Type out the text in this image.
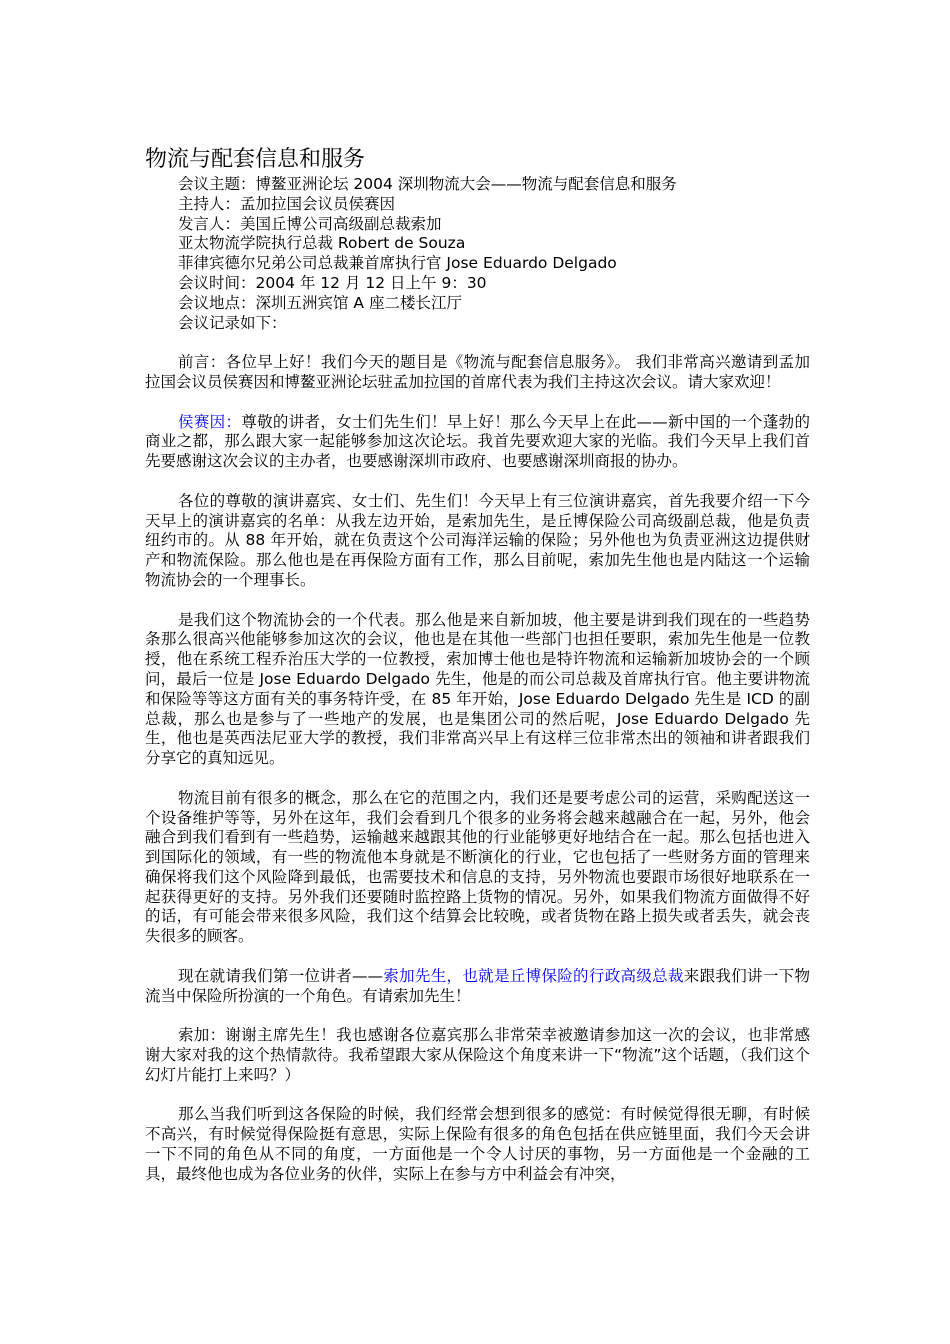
物流与配套信息和服务
会议主题：博鳌亚洲论坛 2004 深圳物流大会——物流与配套信息和服务
主持人：孟加拉国会议员侯赛因
发言人：美国丘博公司高级副总裁索加
亚太物流学院执行总裁 Robert de Souza
菲律宾德尔兄弟公司总裁兼首席执行官 Jose Eduardo Delgado
会议时间：2004 年 12 月 12 日上午 9：30
会议地点：深圳五洲宾馆 A 座二楼长江厅
会议记录如下：

前言：各位早上好！我们今天的题目是《物流与配套信息服务》。 我们非常高兴邀请到孟加拉国会议员侯赛因和博鳌亚洲论坛驻孟加拉国的首席代表为我们主持这次会议。请大家欢迎！

侯赛因：尊敬的讲者，女士们先生们！早上好！那么今天早上在此——新中国的一个蓬勃的商业之都，那么跟大家一起能够参加这次论坛。我首先要欢迎大家的光临。我们今天早上我们首先要感谢这次会议的主办者，也要感谢深圳市政府、也要感谢深圳商报的协办。

各位的尊敬的演讲嘉宾、女士们、先生们！今天早上有三位演讲嘉宾，首先我要介绍一下今天早上的演讲嘉宾的名单：从我左边开始，是索加先生，是丘博保险公司高级副总裁，他是负责纽约市的。从 88 年开始，就在负责这个公司海洋运输的保险；另外他也为负责亚洲这边提供财产和物流保险。那么他也是在再保险方面有工作，那么目前呢，索加先生他也是内陆这一个运输物流协会的一个理事长。

是我们这个物流协会的一个代表。那么他是来自新加坡，他主要是讲到我们现在的一些趋势条那么很高兴他能够参加这次的会议，他也是在其他一些部门也担任要职，索加先生他是一位教授，他在系统工程乔治压大学的一位教授，索加博士他也是特许物流和运输新加坡协会的一个顾问，最后一位是 Jose Eduardo Delgado 先生，他是的而公司总裁及首席执行官。他主要讲物流和保险等等这方面有关的事务特许受，在 85 年开始，Jose Eduardo Delgado 先生是 ICD 的副总裁，那么也是参与了一些地产的发展，也是集团公司的然后呢，Jose Eduardo Delgado 先生，他也是英西法尼亚大学的教授，我们非常高兴早上有这样三位非常杰出的领袖和讲者跟我们分享它的真知远见。

物流目前有很多的概念，那么在它的范围之内，我们还是要考虑公司的运营，采购配送这一个设备维护等等，另外在这年，我们会看到几个很多的业务将会越来越融合在一起，另外，他会融合到我们看到有一些趋势，运输越来越跟其他的行业能够更好地结合在一起。那么包括也进入到国际化的领域，有一些的物流他本身就是不断演化的行业，它也包括了一些财务方面的管理来确保将我们这个风险降到最低，也需要技术和信息的支持，另外物流也要跟市场很好地联系在一起获得更好的支持。另外我们还要随时监控路上货物的情况。另外，如果我们物流方面做得不好的话，有可能会带来很多风险，我们这个结算会比较晚，或者货物在路上损失或者丢失，就会丧失很多的顾客。

现在就请我们第一位讲者——索加先生，也就是丘博保险的行政高级总裁来跟我们讲一下物流当中保险所扮演的一个角色。有请索加先生！

索加：谢谢主席先生！我也感谢各位嘉宾那么非常荣幸被邀请参加这一次的会议，也非常感谢大家对我的这个热情款待。我希望跟大家从保险这个角度来讲一下“物流”这个话题，（我们这个幻灯片能打上来吗？）

那么当我们听到这各保险的时候，我们经常会想到很多的感觉：有时候觉得很无聊，有时候不高兴，有时候觉得保险挺有意思，实际上保险有很多的角色包括在供应链里面，我们今天会讲一下不同的角色从不同的角度，一方面他是一个令人讨厌的事物，另一方面他是一个金融的工具，最终他也成为各位业务的伙伴，实际上在参与方中利益会有冲突，
